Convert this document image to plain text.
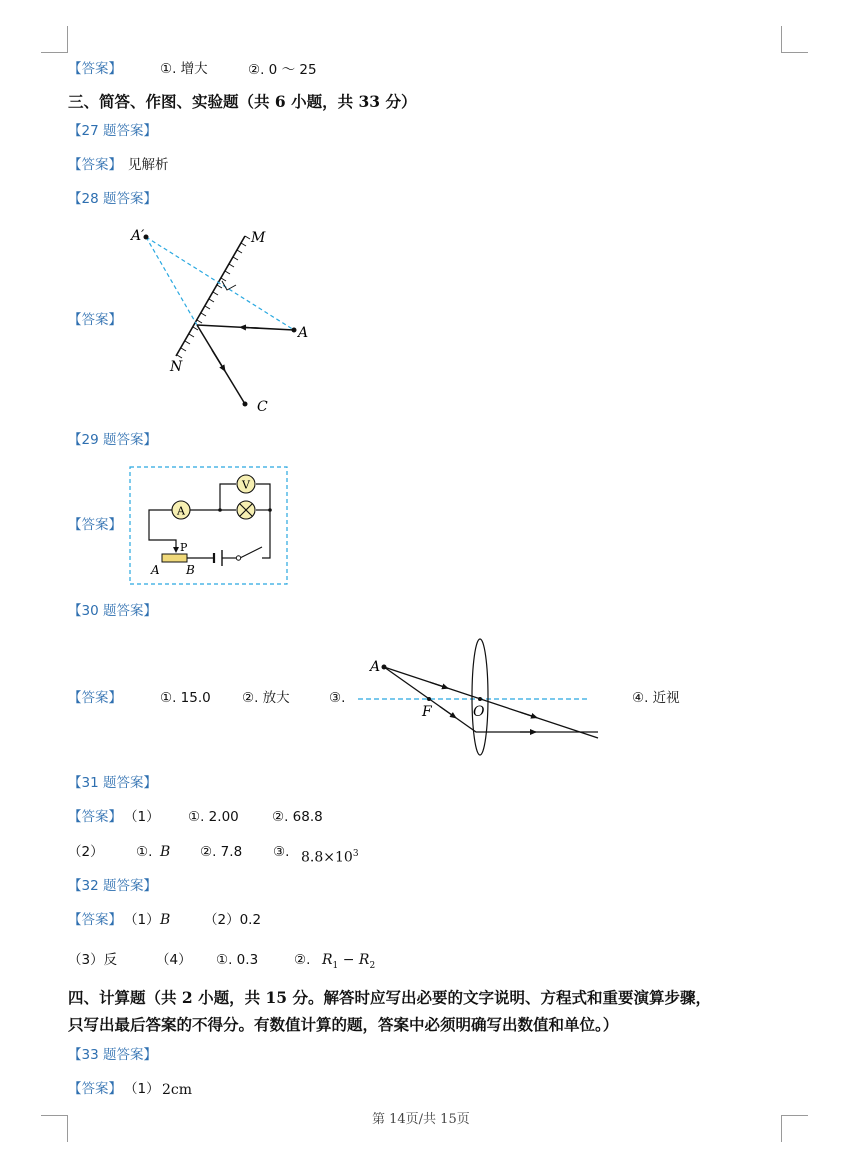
【答案】	①. 增大	②. 0 ～ 25
三、简答、作图、实验题（共 6 小题，共 33 分）
【27 题答案】
【答案】 见解析
【28 题答案】
【答案】
A′	M
A
N
C
【29 题答案】
【答案】
A
V
P
A B
【30 题答案】
【答案】	①. 15.0 ②. 放大	③.	④. 近视
A
F	O
【31 题答案】
【答案】 （1） ①. 2.00 ②. 68.8
（2） ①. B ②. 7.8 ③. $8.8\times 10^3$
【32 题答案】
【答案】 （1） B （2）0.2
（3）反	（4） ①. 0.3	②. $R_1 - R_2$
四、计算题（共 2 小题，共 15 分。解答时应写出必要的文字说明、方程式和重要演算步骤，
只写出最后答案的不得分。有数值计算的题，答案中必须明确写出数值和单位。）
【33 题答案】
【答案】 （1） 2cm
第 14页/共 15页
